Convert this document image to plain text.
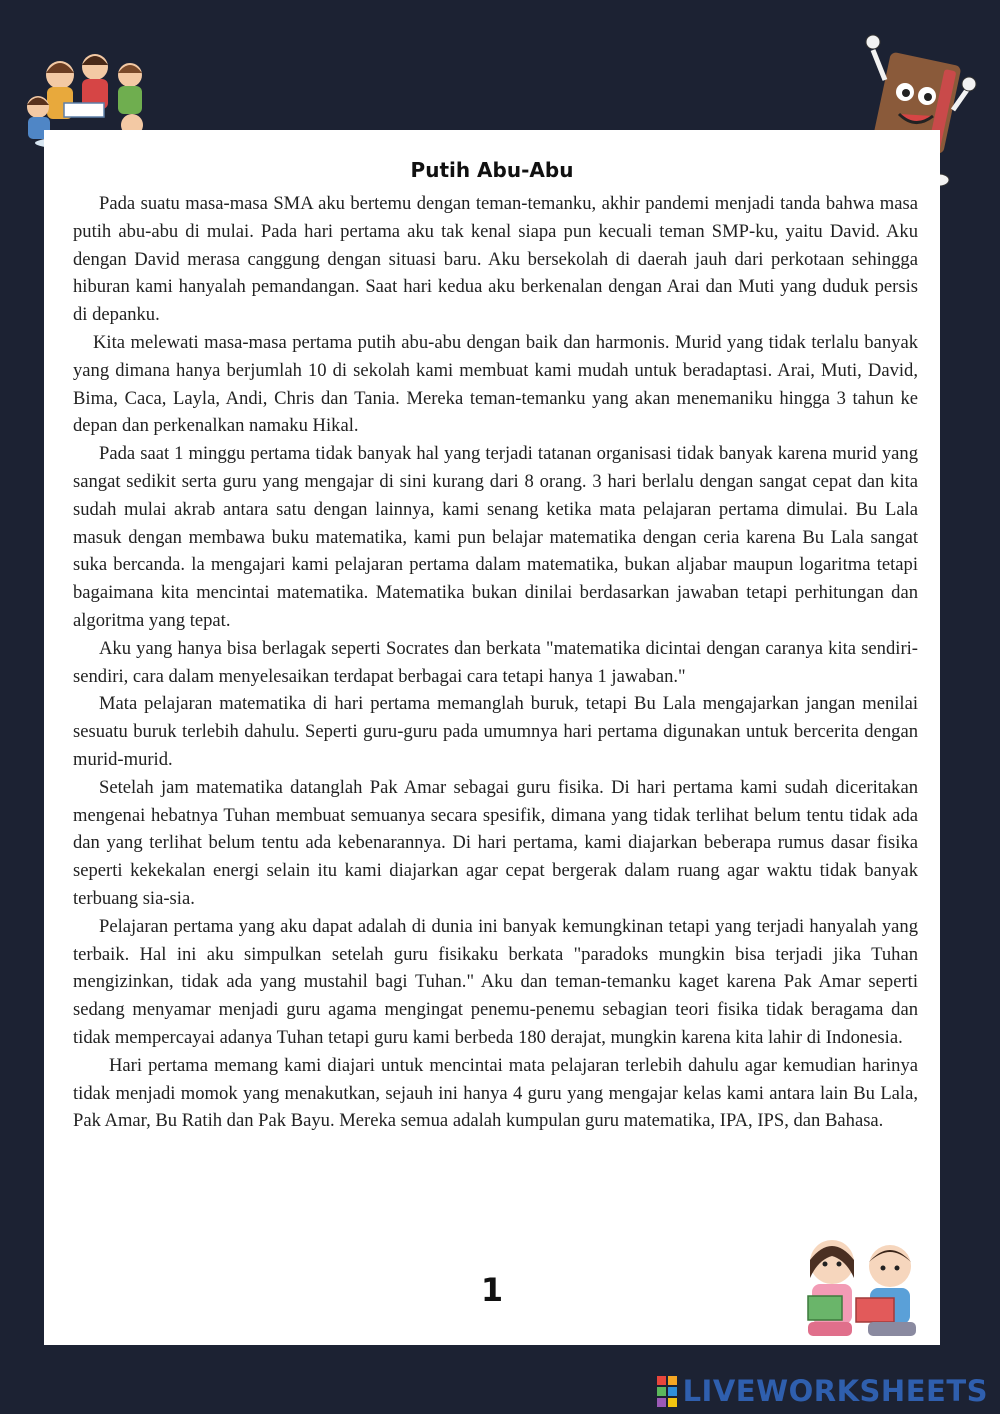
Putih Abu-Abu

Pada suatu masa-masa SMA aku bertemu dengan teman-temanku, akhir pandemi menjadi tanda bahwa masa putih abu-abu di mulai. Pada hari pertama aku tak kenal siapa pun kecuali teman SMP-ku, yaitu David. Aku dengan David merasa canggung dengan situasi baru. Aku bersekolah di daerah jauh dari perkotaan sehingga hiburan kami hanyalah pemandangan. Saat hari kedua aku berkenalan dengan Arai dan Muti yang duduk persis di depanku.

Kita melewati masa-masa pertama putih abu-abu dengan baik dan harmonis. Murid yang tidak terlalu banyak yang dimana hanya berjumlah 10 di sekolah kami membuat kami mudah untuk beradaptasi. Arai, Muti, David, Bima, Caca, Layla, Andi, Chris dan Tania. Mereka teman-temanku yang akan menemaniku hingga 3 tahun ke depan dan perkenalkan namaku Hikal.

Pada saat 1 minggu pertama tidak banyak hal yang terjadi tatanan organisasi tidak banyak karena murid yang sangat sedikit serta guru yang mengajar di sini kurang dari 8 orang. 3 hari berlalu dengan sangat cepat dan kita sudah mulai akrab antara satu dengan lainnya, kami senang ketika mata pelajaran pertama dimulai. Bu Lala masuk dengan membawa buku matematika, kami pun belajar matematika dengan ceria karena Bu Lala sangat suka bercanda. la mengajari kami pelajaran pertama dalam matematika, bukan aljabar maupun logaritma tetapi bagaimana kita mencintai matematika. Matematika bukan dinilai berdasarkan jawaban tetapi perhitungan dan algoritma yang tepat.

Aku yang hanya bisa berlagak seperti Socrates dan berkata "matematika dicintai dengan caranya kita sendiri-sendiri, cara dalam menyelesaikan terdapat berbagai cara tetapi hanya 1 jawaban."

Mata pelajaran matematika di hari pertama memanglah buruk, tetapi Bu Lala mengajarkan jangan menilai sesuatu buruk terlebih dahulu. Seperti guru-guru pada umumnya hari pertama digunakan untuk bercerita dengan murid-murid.

Setelah jam matematika datanglah Pak Amar sebagai guru fisika. Di hari pertama kami sudah diceritakan mengenai hebatnya Tuhan membuat semuanya secara spesifik, dimana yang tidak terlihat belum tentu tidak ada dan yang terlihat belum tentu ada kebenarannya. Di hari pertama, kami diajarkan beberapa rumus dasar fisika seperti kekekalan energi selain itu kami diajarkan agar cepat bergerak dalam ruang agar waktu tidak banyak terbuang sia-sia.

Pelajaran pertama yang aku dapat adalah di dunia ini banyak kemungkinan tetapi yang terjadi hanyalah yang terbaik. Hal ini aku simpulkan setelah guru fisikaku berkata "paradoks mungkin bisa terjadi jika Tuhan mengizinkan, tidak ada yang mustahil bagi Tuhan." Aku dan teman-temanku kaget karena Pak Amar seperti sedang menyamar menjadi guru agama mengingat penemu-penemu sebagian teori fisika tidak beragama dan tidak mempercayai adanya Tuhan tetapi guru kami berbeda 180 derajat, mungkin karena kita lahir di Indonesia.

Hari pertama memang kami diajari untuk mencintai mata pelajaran terlebih dahulu agar kemudian harinya tidak menjadi momok yang menakutkan, sejauh ini hanya 4 guru yang mengajar kelas kami antara lain Bu Lala, Pak Amar, Bu Ratih dan Pak Bayu. Mereka semua adalah kumpulan guru matematika, IPA, IPS, dan Bahasa.

1
LIVEWORKSHEETS
